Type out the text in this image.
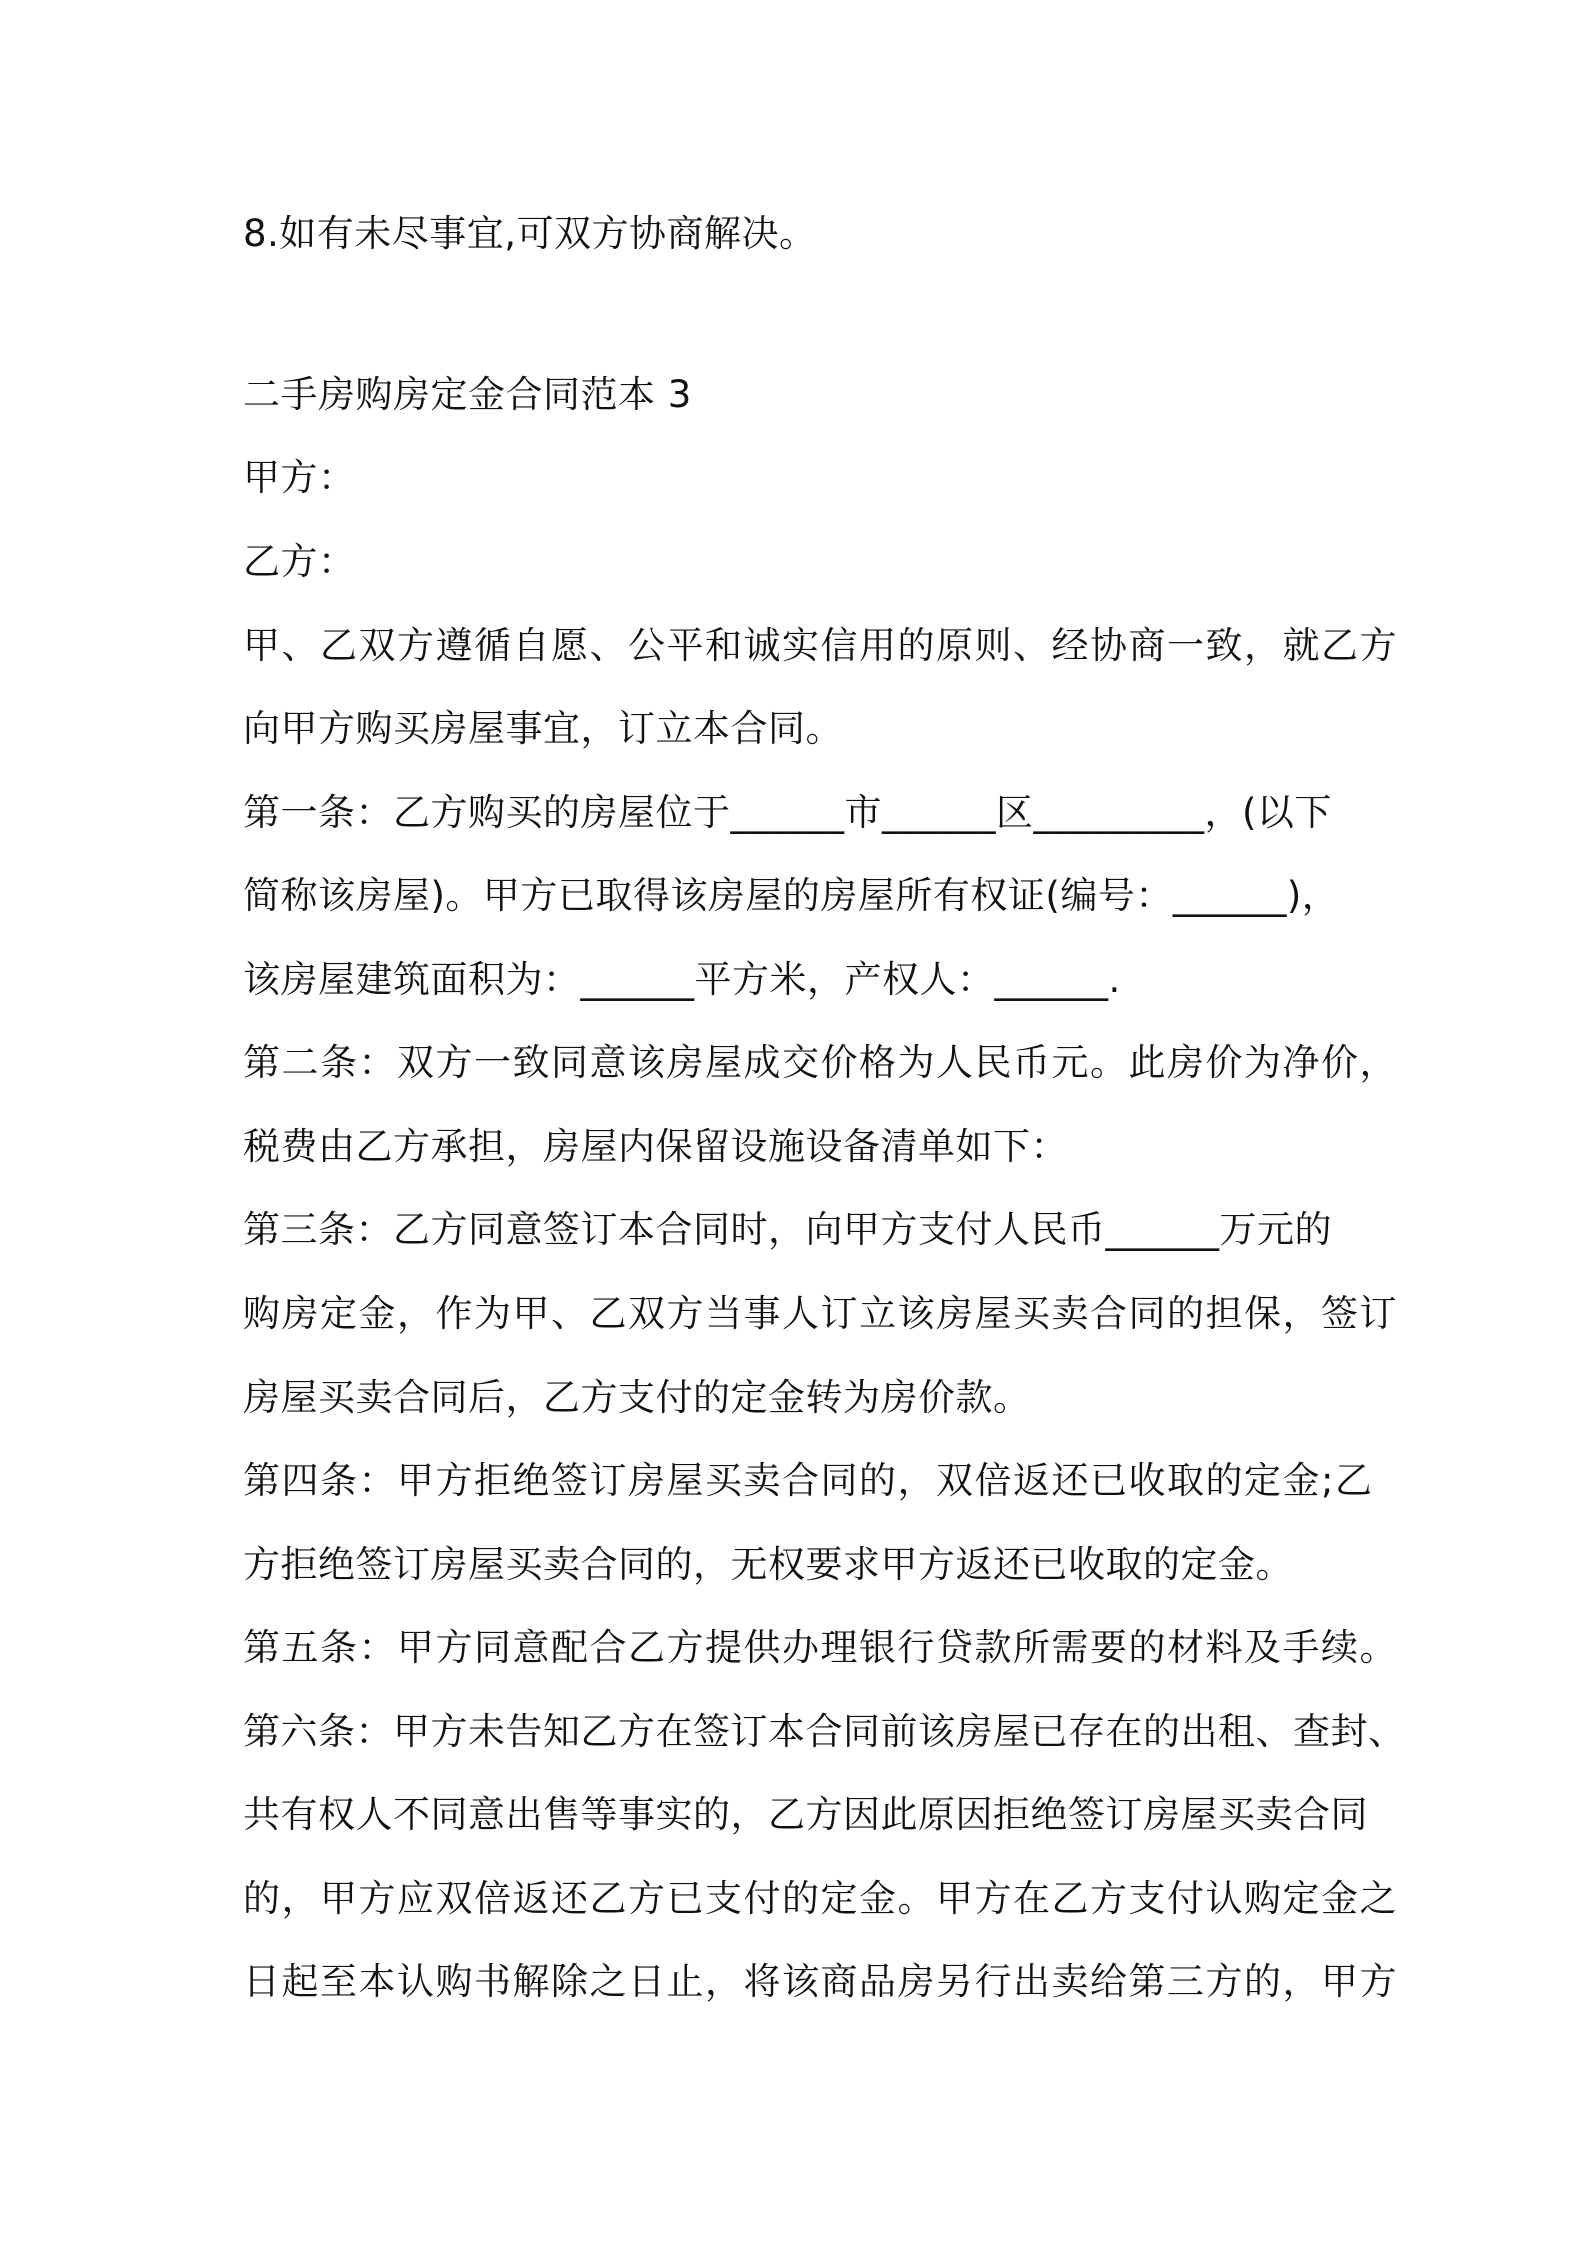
8.如有未尽事宜,可双方协商解决。
二手房购房定金合同范本 3
甲方：
乙方：
甲、乙双方遵循自愿、公平和诚实信用的原则、经协商一致，就乙方
向甲方购买房屋事宜，订立本合同。
第一条：乙方购买的房屋位于______市______区_________，(以下
简称该房屋)。甲方已取得该房屋的房屋所有权证(编号：______)，
该房屋建筑面积为：______平方米，产权人：______.
第二条：双方一致同意该房屋成交价格为人民币元。此房价为净价，
税费由乙方承担，房屋内保留设施设备清单如下：
第三条：乙方同意签订本合同时，向甲方支付人民币______万元的
购房定金，作为甲、乙双方当事人订立该房屋买卖合同的担保，签订
房屋买卖合同后，乙方支付的定金转为房价款。
第四条：甲方拒绝签订房屋买卖合同的，双倍返还已收取的定金;乙
方拒绝签订房屋买卖合同的，无权要求甲方返还已收取的定金。
第五条：甲方同意配合乙方提供办理银行贷款所需要的材料及手续。
第六条：甲方未告知乙方在签订本合同前该房屋已存在的出租、查封、
共有权人不同意出售等事实的，乙方因此原因拒绝签订房屋买卖合同
的，甲方应双倍返还乙方已支付的定金。甲方在乙方支付认购定金之
日起至本认购书解除之日止，将该商品房另行出卖给第三方的，甲方
